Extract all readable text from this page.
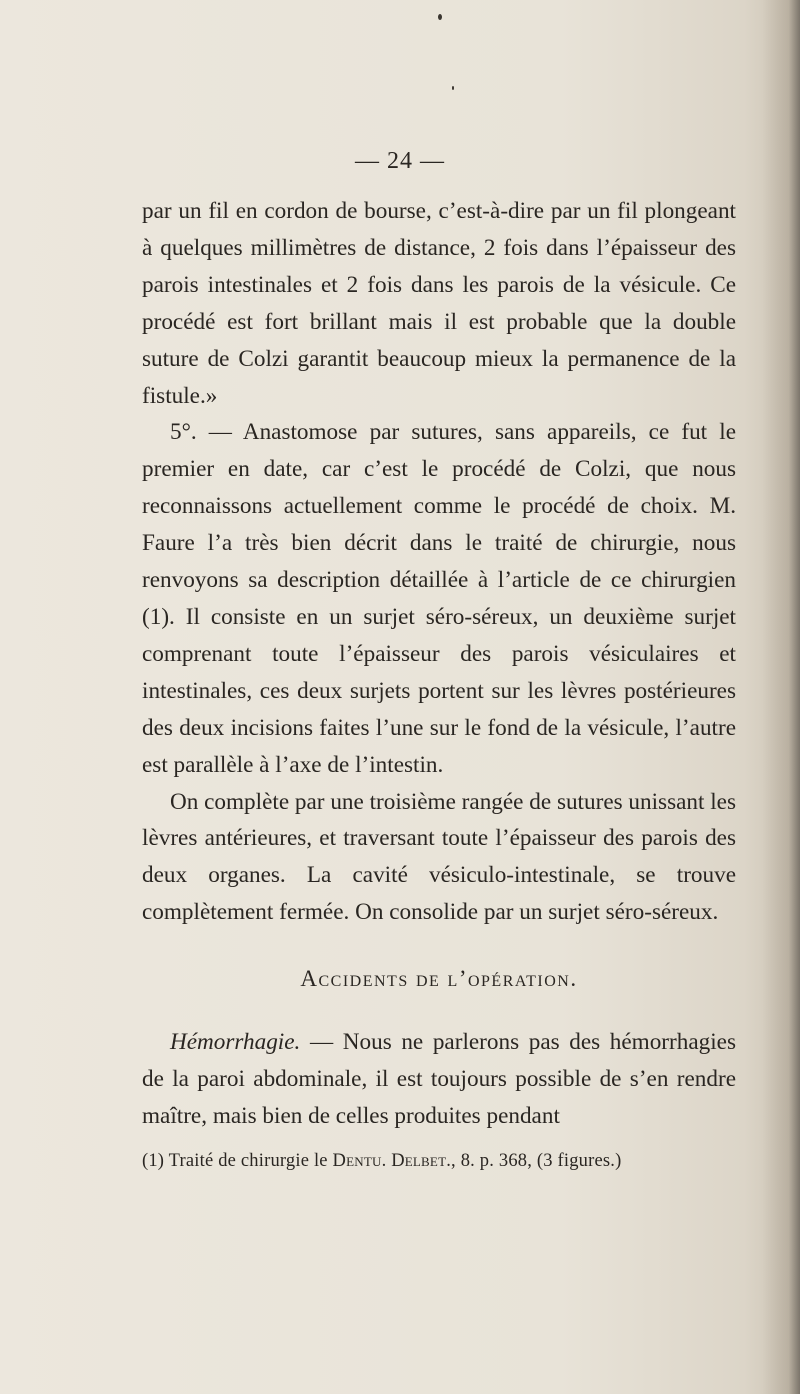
— 24 —

par un fil en cordon de bourse, c’est-à-dire par un fil plongeant à quelques millimètres de distance, 2 fois dans l’épaisseur des parois intestinales et 2 fois dans les parois de la vésicule. Ce procédé est fort brillant mais il est probable que la double suture de Colzi garantit beaucoup mieux la permanence de la fistule.»

5°. — Anastomose par sutures, sans appareils, ce fut le premier en date, car c’est le procédé de Colzi, que nous reconnaissons actuellement comme le procédé de choix. M. Faure l’a très bien décrit dans le traité de chirurgie, nous renvoyons sa description détaillée à l’article de ce chirurgien (1). Il consiste en un surjet séro-séreux, un deuxième surjet comprenant toute l’épaisseur des parois vésiculaires et intestinales, ces deux surjets portent sur les lèvres postérieures des deux incisions faites l’une sur le fond de la vésicule, l’autre est parallèle à l’axe de l’intestin.

On complète par une troisième rangée de sutures unissant les lèvres antérieures, et traversant toute l’épaisseur des parois des deux organes. La cavité vésiculo-intestinale, se trouve complètement fermée. On consolide par un surjet séro-séreux.

Accidents de l’opération.

Hémorrhagie. — Nous ne parlerons pas des hémorrhagies de la paroi abdominale, il est toujours possible de s’en rendre maître, mais bien de celles produites pendant

(1) Traité de chirurgie le Dentu. Delbet., 8. p. 368, (3 figures.)
